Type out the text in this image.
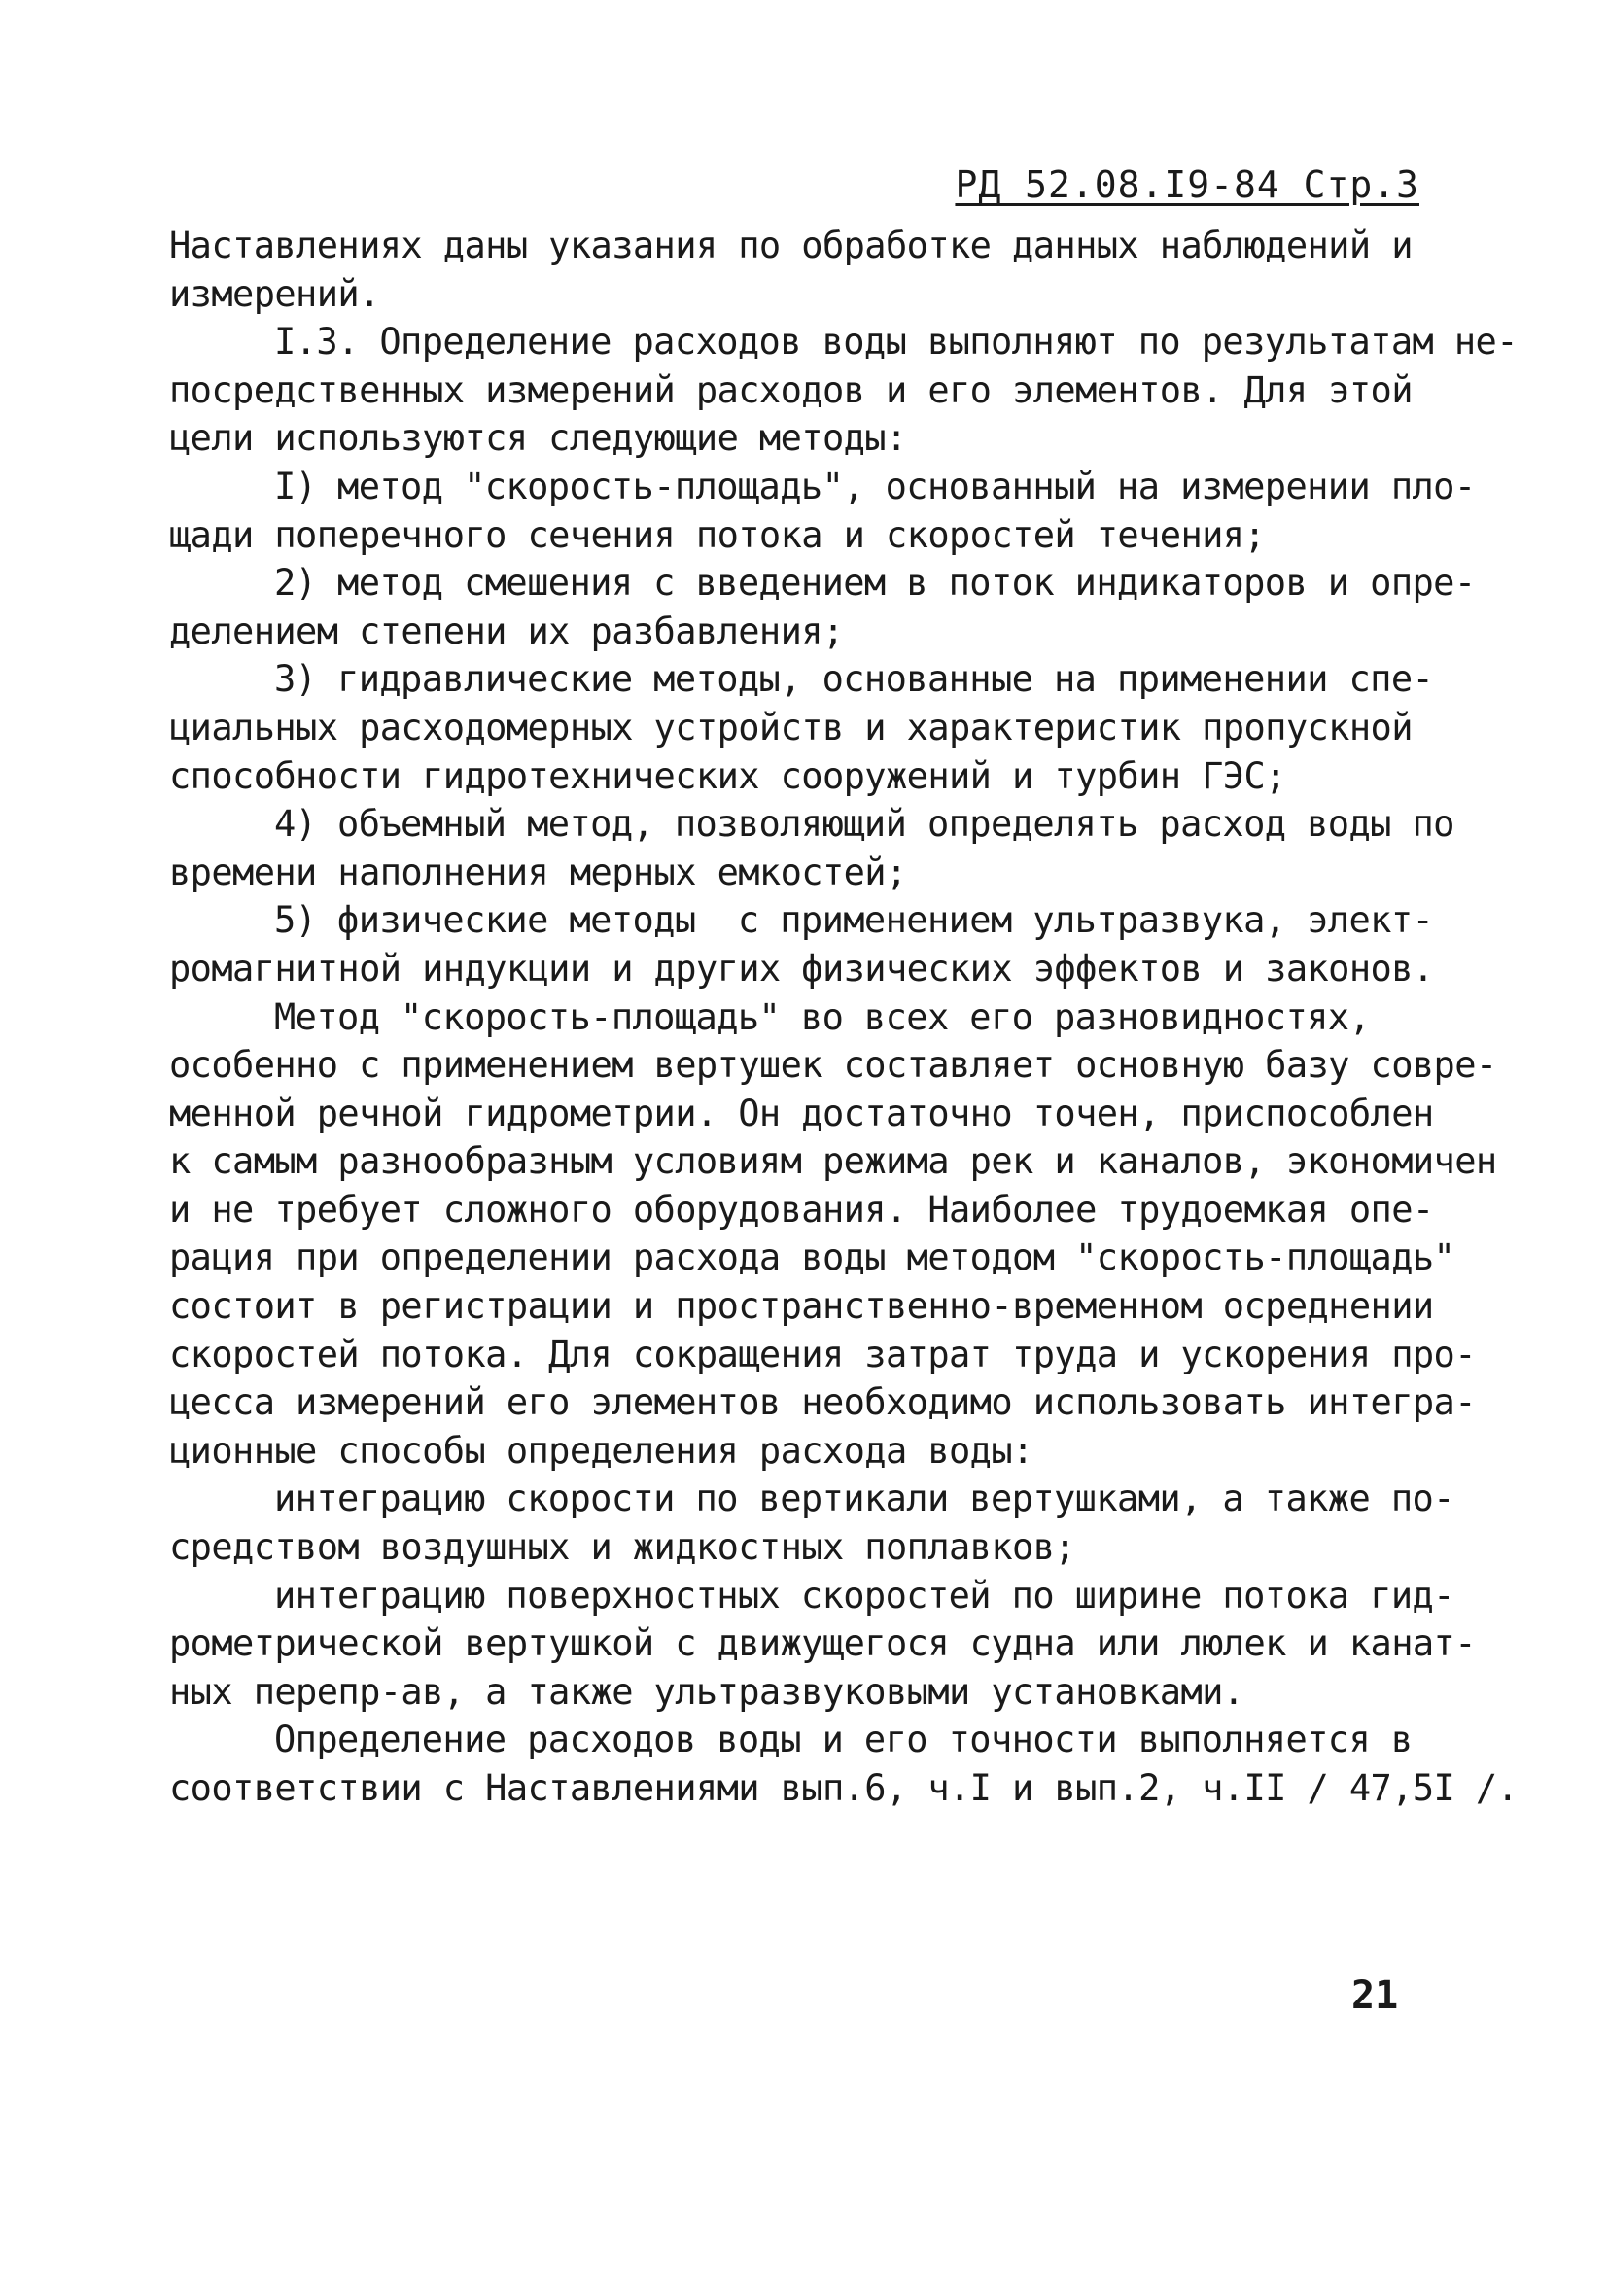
РД 52.08.I9-84 Стр.3
Наставлениях даны указания по обработке данных наблюдений и
измерений.
I.3. Определение расходов воды выполняют по результатам не-
посредственных измерений расходов и его элементов. Для этой
цели используются следующие методы:
I) метод "скорость-площадь", основанный на измерении пло-
щади поперечного сечения потока и скоростей течения;
2) метод смешения с введением в поток индикаторов и опре-
делением степени их разбавления;
3) гидравлические методы, основанные на применении спе-
циальных расходомерных устройств и характеристик пропускной
способности гидротехнических сооружений и турбин ГЭС;
4) объемный метод, позволяющий определять расход воды по
времени наполнения мерных емкостей;
5) физические методы  с применением ультразвука, элект-
ромагнитной индукции и других физических эффектов и законов.
Метод "скорость-площадь" во всех его разновидностях,
особенно с применением вертушек составляет основную базу совре-
менной речной гидрометрии. Он достаточно точен, приспособлен
к самым разнообразным условиям режима рек и каналов, экономичен
и не требует сложного оборудования. Наиболее трудоемкая опе-
рация при определении расхода воды методом "скорость-площадь"
состоит в регистрации и пространственно-временном осреднении
скоростей потока. Для сокращения затрат труда и ускорения про-
цесса измерений его элементов необходимо использовать интегра-
ционные способы определения расхода воды:
интеграцию скорости по вертикали вертушками, а также по-
средством воздушных и жидкостных поплавков;
интеграцию поверхностных скоростей по ширине потока гид-
рометрической вертушкой с движущегося судна или люлек и канат-
ных перепр-ав, а также ультразвуковыми установками.
Определение расходов воды и его точности выполняется в
соответствии с Наставлениями вып.6, ч.I и вып.2, ч.II / 47,5I /.
21
